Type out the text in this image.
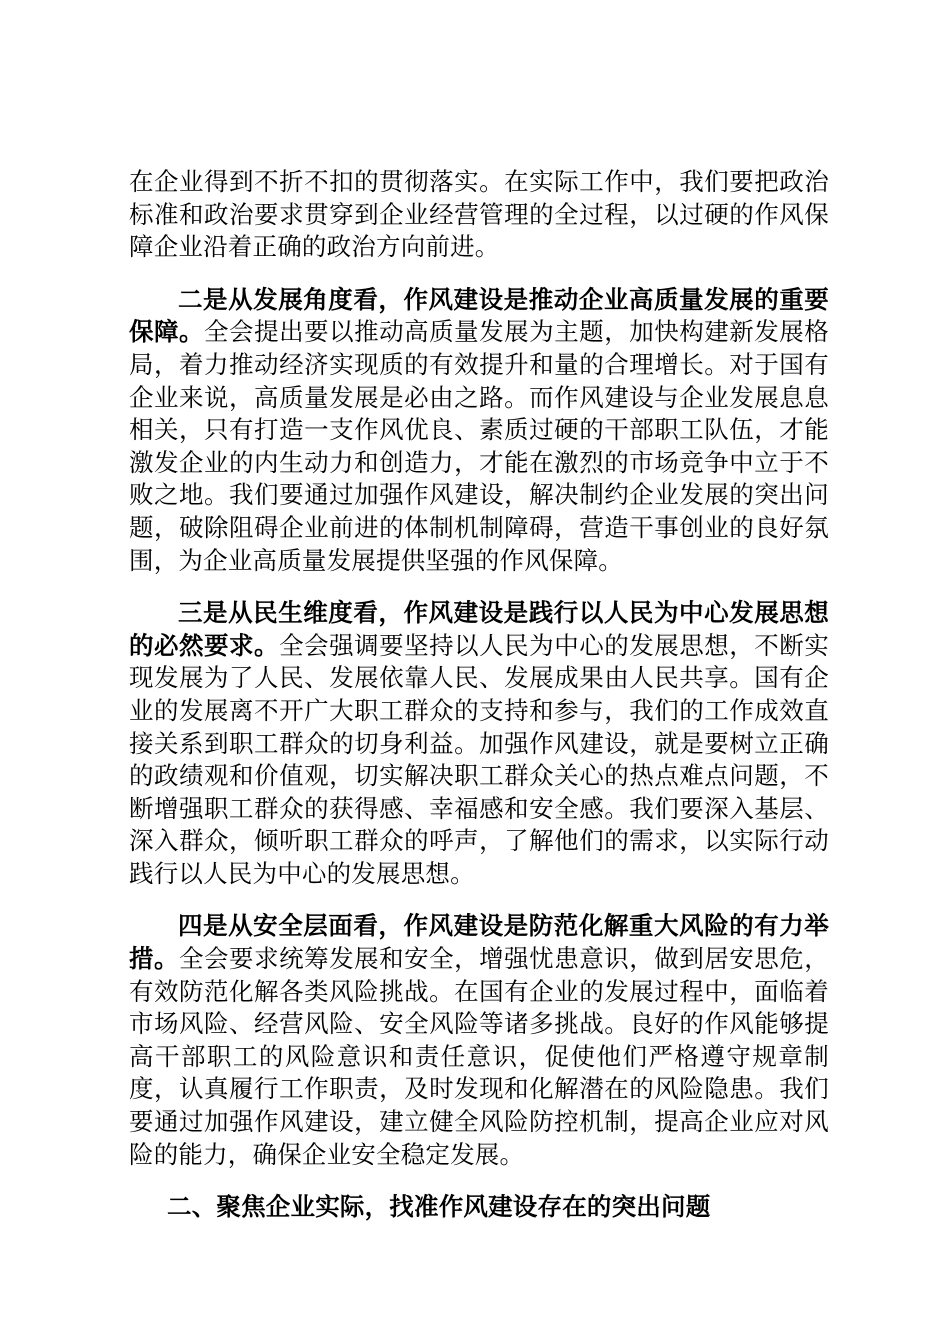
在企业得到不折不扣的贯彻落实。在实际工作中，我们要把政治标准和政治要求贯穿到企业经营管理的全过程，以过硬的作风保障企业沿着正确的政治方向前进。

二是从发展角度看，作风建设是推动企业高质量发展的重要保障。全会提出要以推动高质量发展为主题，加快构建新发展格局，着力推动经济实现质的有效提升和量的合理增长。对于国有企业来说，高质量发展是必由之路。而作风建设与企业发展息息相关，只有打造一支作风优良、素质过硬的干部职工队伍，才能激发企业的内生动力和创造力，才能在激烈的市场竞争中立于不败之地。我们要通过加强作风建设，解决制约企业发展的突出问题，破除阻碍企业前进的体制机制障碍，营造干事创业的良好氛围，为企业高质量发展提供坚强的作风保障。

三是从民生维度看，作风建设是践行以人民为中心发展思想的必然要求。全会强调要坚持以人民为中心的发展思想，不断实现发展为了人民、发展依靠人民、发展成果由人民共享。国有企业的发展离不开广大职工群众的支持和参与，我们的工作成效直接关系到职工群众的切身利益。加强作风建设，就是要树立正确的政绩观和价值观，切实解决职工群众关心的热点难点问题，不断增强职工群众的获得感、幸福感和安全感。我们要深入基层、深入群众，倾听职工群众的呼声，了解他们的需求，以实际行动践行以人民为中心的发展思想。

四是从安全层面看，作风建设是防范化解重大风险的有力举措。全会要求统筹发展和安全，增强忧患意识，做到居安思危，有效防范化解各类风险挑战。在国有企业的发展过程中，面临着市场风险、经营风险、安全风险等诸多挑战。良好的作风能够提高干部职工的风险意识和责任意识，促使他们严格遵守规章制度，认真履行工作职责，及时发现和化解潜在的风险隐患。我们要通过加强作风建设，建立健全风险防控机制，提高企业应对风险的能力，确保企业安全稳定发展。

二、聚焦企业实际，找准作风建设存在的突出问题
